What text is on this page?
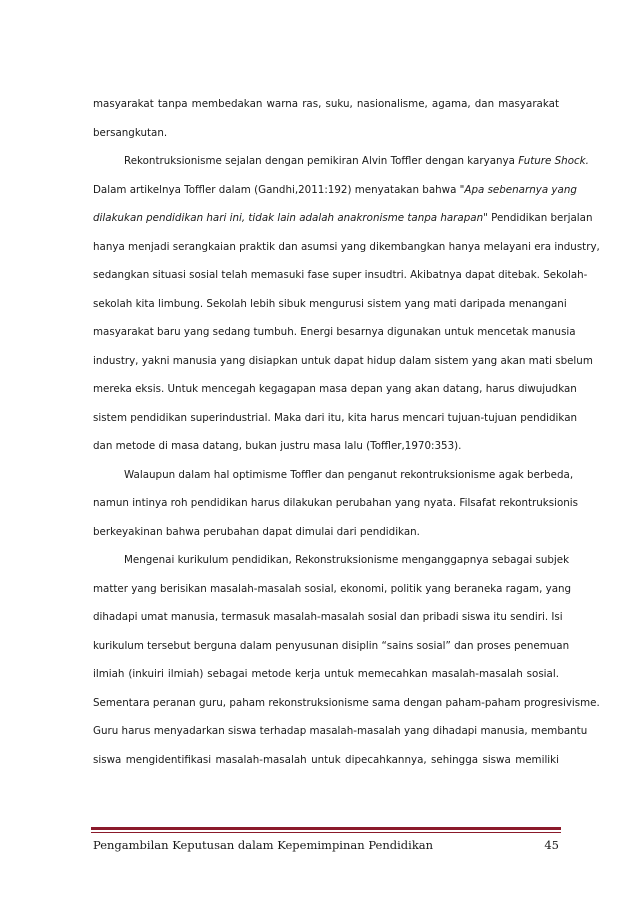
masyarakat tanpa membedakan warna ras, suku, nasionalisme, agama, dan masyarakat
bersangkutan.
Rekontruksionisme sejalan dengan pemikiran Alvin Toffler dengan karyanya Future Shock.
Dalam artikelnya Toffler dalam (Gandhi,2011:192) menyatakan bahwa "Apa sebenarnya yang
dilakukan pendidikan hari ini, tidak lain adalah anakronisme tanpa harapan" Pendidikan berjalan
hanya menjadi serangkaian praktik dan asumsi yang dikembangkan hanya melayani era industry,
sedangkan situasi sosial telah memasuki fase super insudtri. Akibatnya dapat ditebak. Sekolah-
sekolah kita limbung. Sekolah lebih sibuk mengurusi sistem yang mati daripada menangani
masyarakat baru yang sedang tumbuh. Energi besarnya digunakan untuk mencetak manusia
industry, yakni manusia yang disiapkan untuk dapat hidup dalam sistem yang akan mati sbelum
mereka eksis. Untuk mencegah kegagapan masa depan yang akan datang, harus diwujudkan
sistem pendidikan superindustrial. Maka dari itu, kita harus mencari tujuan-tujuan pendidikan
dan metode di masa datang, bukan justru masa lalu (Toffler,1970:353).
Walaupun dalam hal optimisme Toffler dan penganut rekontruksionisme agak berbeda,
namun intinya roh pendidikan harus dilakukan perubahan yang nyata. Filsafat rekontruksionis
berkeyakinan bahwa perubahan dapat dimulai dari pendidikan.
Mengenai kurikulum pendidikan, Rekonstruksionisme menganggapnya sebagai subjek
matter yang berisikan masalah-masalah sosial, ekonomi, politik yang beraneka ragam, yang
dihadapi umat manusia, termasuk masalah-masalah sosial dan pribadi siswa itu sendiri. Isi
kurikulum tersebut berguna dalam penyusunan disiplin “sains sosial” dan proses penemuan
ilmiah (inkuiri ilmiah) sebagai metode kerja untuk memecahkan masalah-masalah sosial.
Sementara peranan guru, paham rekonstruksionisme sama dengan paham-paham progresivisme.
Guru harus menyadarkan siswa terhadap masalah-masalah yang dihadapi manusia, membantu
siswa mengidentifikasi masalah-masalah untuk dipecahkannya, sehingga siswa memiliki
Pengambilan Keputusan dalam Kepemimpinan Pendidikan	45
